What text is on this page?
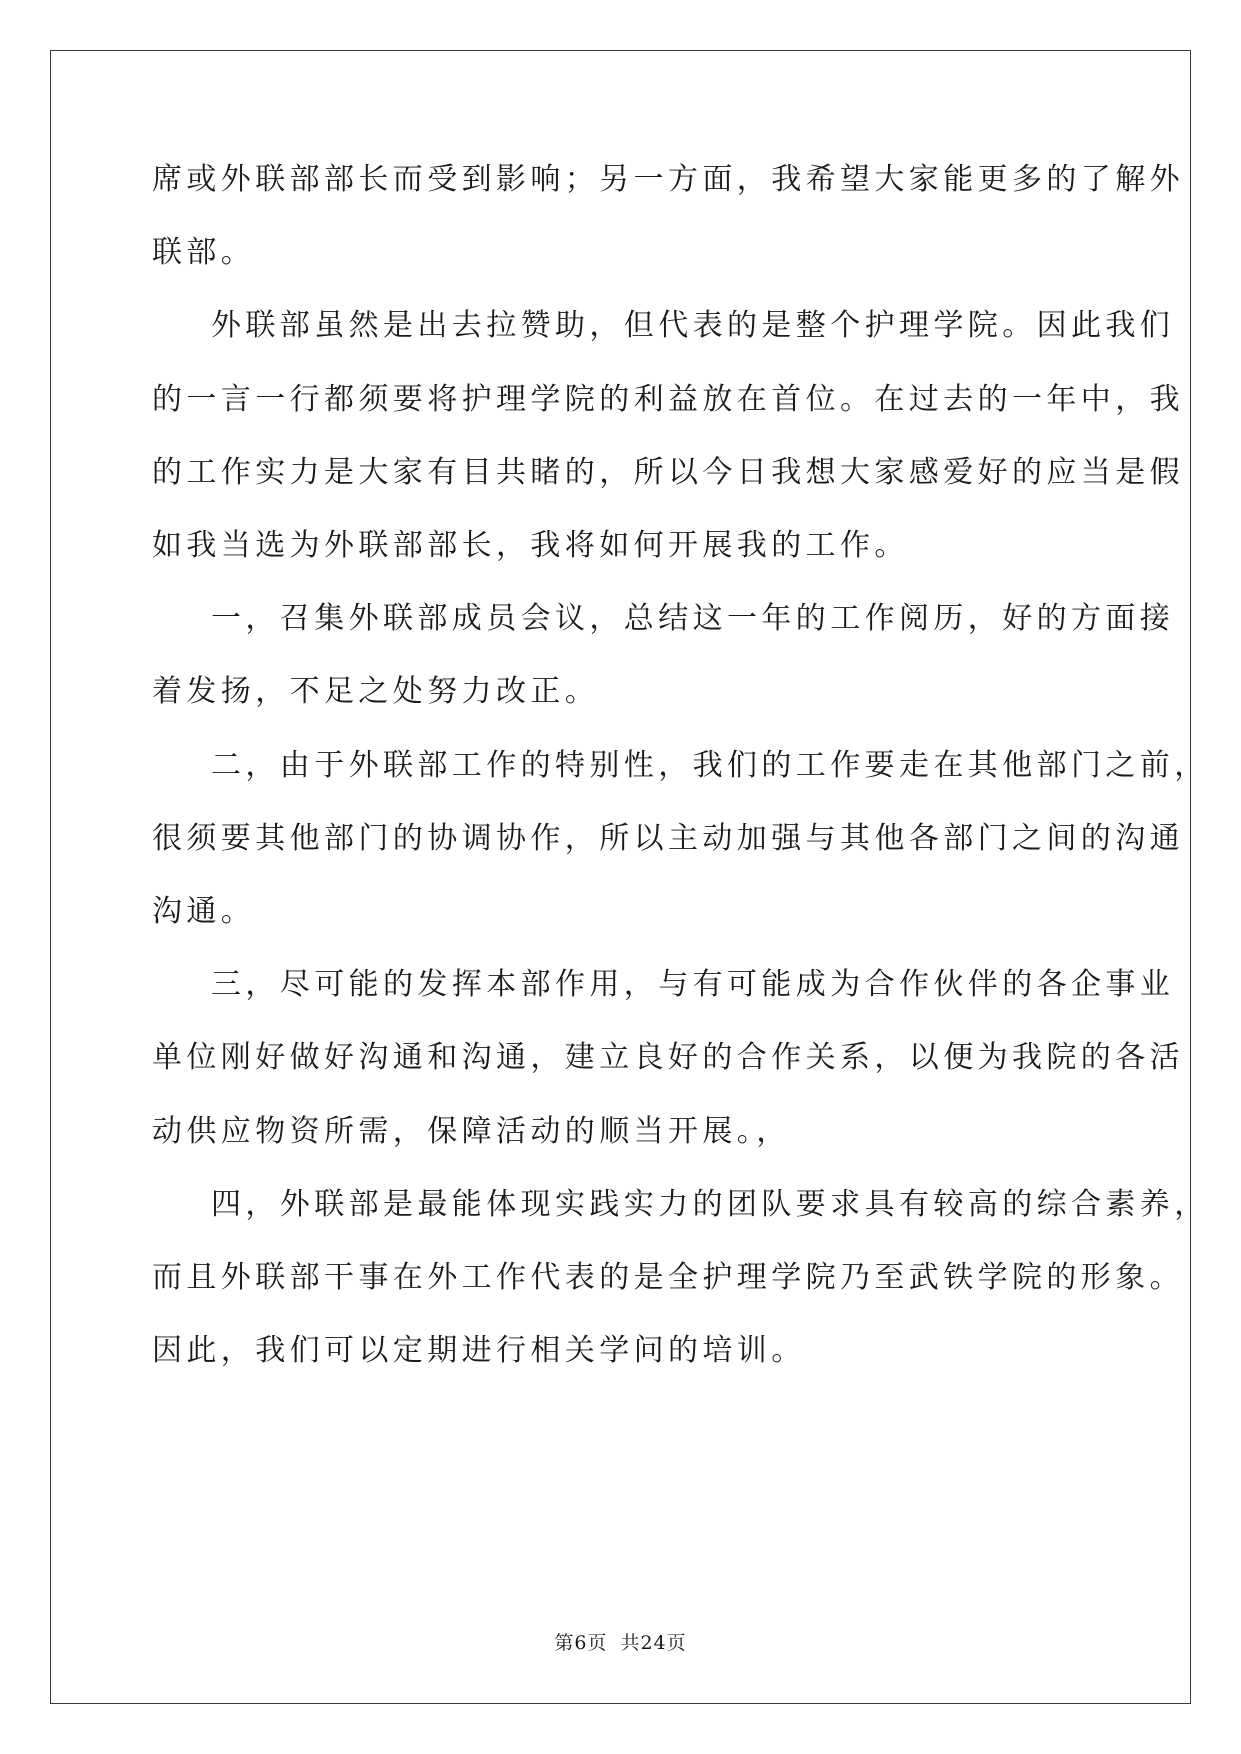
席或外联部部长而受到影响；另一方面，我希望大家能更多的了解外
联部。
外联部虽然是出去拉赞助，但代表的是整个护理学院。因此我们
的一言一行都须要将护理学院的利益放在首位。在过去的一年中，我
的工作实力是大家有目共睹的，所以今日我想大家感爱好的应当是假
如我当选为外联部部长，我将如何开展我的工作。
一，召集外联部成员会议，总结这一年的工作阅历，好的方面接
着发扬，不足之处努力改正。
二，由于外联部工作的特别性，我们的工作要走在其他部门之前，
很须要其他部门的协调协作，所以主动加强与其他各部门之间的沟通
沟通。
三，尽可能的发挥本部作用，与有可能成为合作伙伴的各企事业
单位刚好做好沟通和沟通，建立良好的合作关系，以便为我院的各活
动供应物资所需，保障活动的顺当开展。，
四，外联部是最能体现实践实力的团队要求具有较高的综合素养，
而且外联部干事在外工作代表的是全护理学院乃至武铁学院的形象。
因此，我们可以定期进行相关学问的培训。
第6页 共24页
